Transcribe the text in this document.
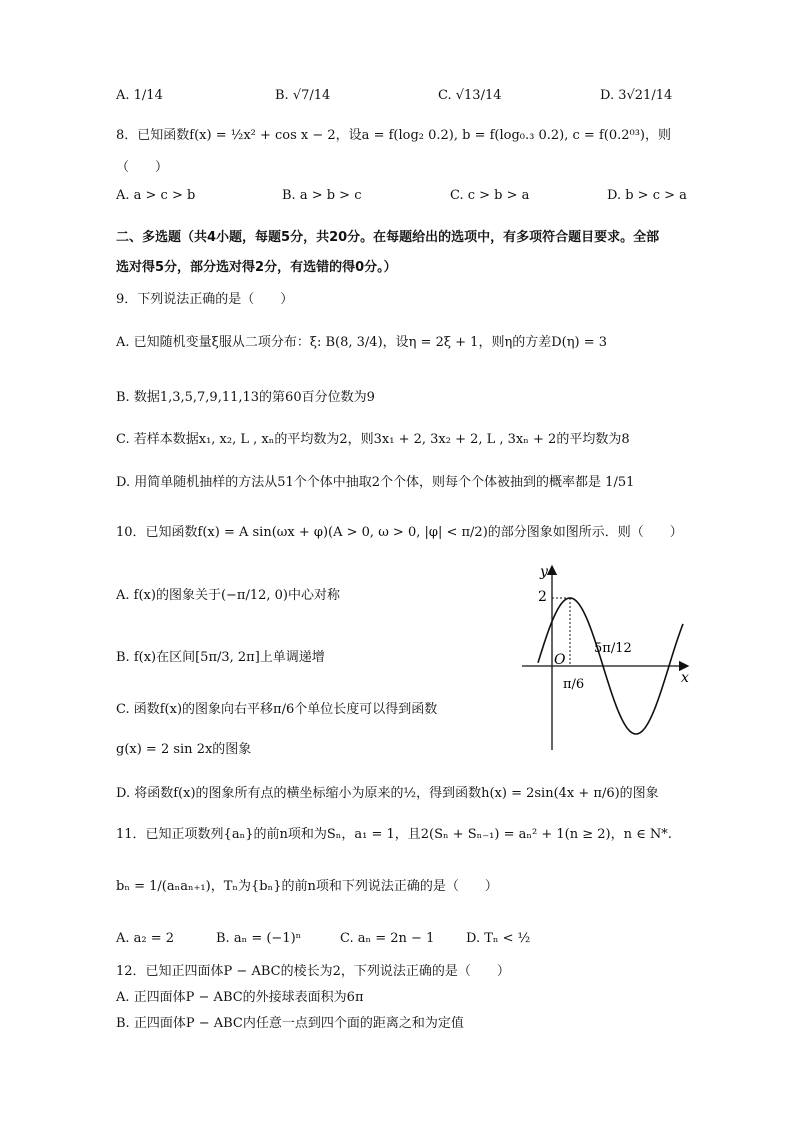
A. 1/14	B. √7/14	C. √13/14	D. 3√21/14
8．已知函数f(x) = ½x² + cos x − 2，设a = f(log₂ 0.2), b = f(log₀.₃ 0.2), c = f(0.2⁰³)，则
（　　）
A. a > c > b	B. a > b > c	C. c > b > a	D. b > c > a
二、多选题（共4小题，每题5分，共20分。在每题给出的选项中，有多项符合题目要求。全部
选对得5分，部分选对得2分，有选错的得0分。）
9．下列说法正确的是（　　）
A. 已知随机变量ξ服从二项分布：ξ: B(8, 3/4)，设η = 2ξ + 1，则η的方差D(η) = 3
B. 数据1,3,5,7,9,11,13的第60百分位数为9
C. 若样本数据x₁, x₂, L , xₙ的平均数为2，则3x₁ + 2, 3x₂ + 2, L , 3xₙ + 2的平均数为8
D. 用简单随机抽样的方法从51个个体中抽取2个个体，则每个个体被抽到的概率都是 1/51
10．已知函数f(x) = A sin(ωx + φ)(A > 0, ω > 0, |φ| < π/2)的部分图象如图所示．则（　　）
A. f(x)的图象关于(−π/12, 0)中心对称
B. f(x)在区间[5π/3, 2π]上单调递增
C. 函数f(x)的图象向右平移π/6个单位长度可以得到函数
g(x) = 2 sin 2x的图象
D. 将函数f(x)的图象所有点的横坐标缩小为原来的½，得到函数h(x) = 2sin(4x + π/6)的图象
y
x
2
O
π/6
5π/12
11．已知正项数列{aₙ}的前n项和为Sₙ，a₁ = 1，且2(Sₙ + Sₙ₋₁) = aₙ² + 1(n ≥ 2)，n ∈ N*.
bₙ = 1/(aₙaₙ₊₁)，Tₙ为{bₙ}的前n项和下列说法正确的是（　　）
A. a₂ = 2	B. aₙ = (−1)ⁿ	C. aₙ = 2n − 1 D. Tₙ < ½
12．已知正四面体P − ABC的棱长为2，下列说法正确的是（　　）
A. 正四面体P − ABC的外接球表面积为6π
B. 正四面体P − ABC内任意一点到四个面的距离之和为定值
